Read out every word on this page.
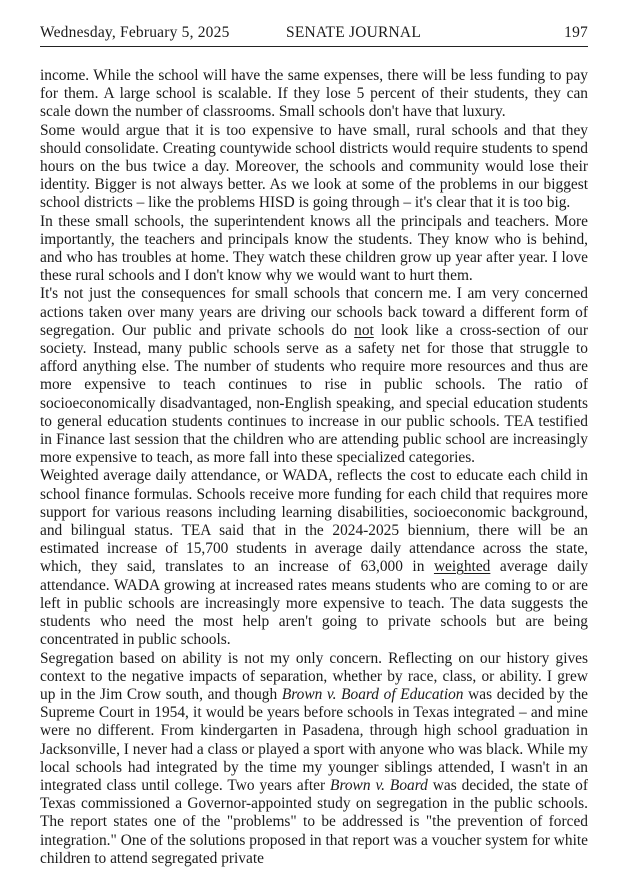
Wednesday, February 5, 2025	SENATE JOURNAL	197

income. While the school will have the same expenses, there will be less funding to pay for them. A large school is scalable. If they lose 5 percent of their students, they can scale down the number of classrooms. Small schools don't have that luxury.

Some would argue that it is too expensive to have small, rural schools and that they should consolidate. Creating countywide school districts would require students to spend hours on the bus twice a day. Moreover, the schools and community would lose their identity. Bigger is not always better. As we look at some of the problems in our biggest school districts – like the problems HISD is going through – it's clear that it is too big.

In these small schools, the superintendent knows all the principals and teachers. More importantly, the teachers and principals know the students. They know who is behind, and who has troubles at home. They watch these children grow up year after year. I love these rural schools and I don't know why we would want to hurt them.

It's not just the consequences for small schools that concern me. I am very concerned actions taken over many years are driving our schools back toward a different form of segregation. Our public and private schools do not look like a cross-section of our society. Instead, many public schools serve as a safety net for those that struggle to afford anything else. The number of students who require more resources and thus are more expensive to teach continues to rise in public schools. The ratio of socioeconomically disadvantaged, non-English speaking, and special education students to general education students continues to increase in our public schools. TEA testified in Finance last session that the children who are attending public school are increasingly more expensive to teach, as more fall into these specialized categories.

Weighted average daily attendance, or WADA, reflects the cost to educate each child in school finance formulas. Schools receive more funding for each child that requires more support for various reasons including learning disabilities, socioeconomic background, and bilingual status. TEA said that in the 2024-2025 biennium, there will be an estimated increase of 15,700 students in average daily attendance across the state, which, they said, translates to an increase of 63,000 in weighted average daily attendance. WADA growing at increased rates means students who are coming to or are left in public schools are increasingly more expensive to teach. The data suggests the students who need the most help aren't going to private schools but are being concentrated in public schools.

Segregation based on ability is not my only concern. Reflecting on our history gives context to the negative impacts of separation, whether by race, class, or ability. I grew up in the Jim Crow south, and though Brown v. Board of Education was decided by the Supreme Court in 1954, it would be years before schools in Texas integrated – and mine were no different. From kindergarten in Pasadena, through high school graduation in Jacksonville, I never had a class or played a sport with anyone who was black. While my local schools had integrated by the time my younger siblings attended, I wasn't in an integrated class until college. Two years after Brown v. Board was decided, the state of Texas commissioned a Governor-appointed study on segregation in the public schools. The report states one of the "problems" to be addressed is "the prevention of forced integration." One of the solutions proposed in that report was a voucher system for white children to attend segregated private
